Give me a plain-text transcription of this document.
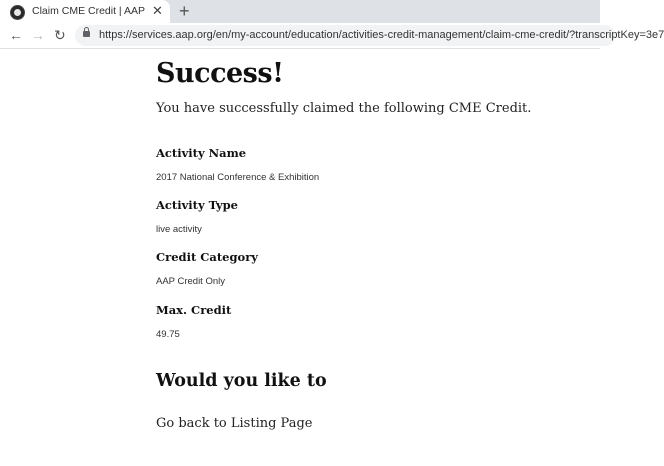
Claim CME Credit | AAP ✕ +
← → ↻	https://services.aap.org/en/my-account/education/activities-credit-management/claim-cme-credit/?transcriptKey=3e7
Success!
You have successfully claimed the following CME Credit.
Activity Name
2017 National Conference & Exhibition
Activity Type
live activity
Credit Category
AAP Credit Only
Max. Credit
49.75
Would you like to
Go back to Listing Page
